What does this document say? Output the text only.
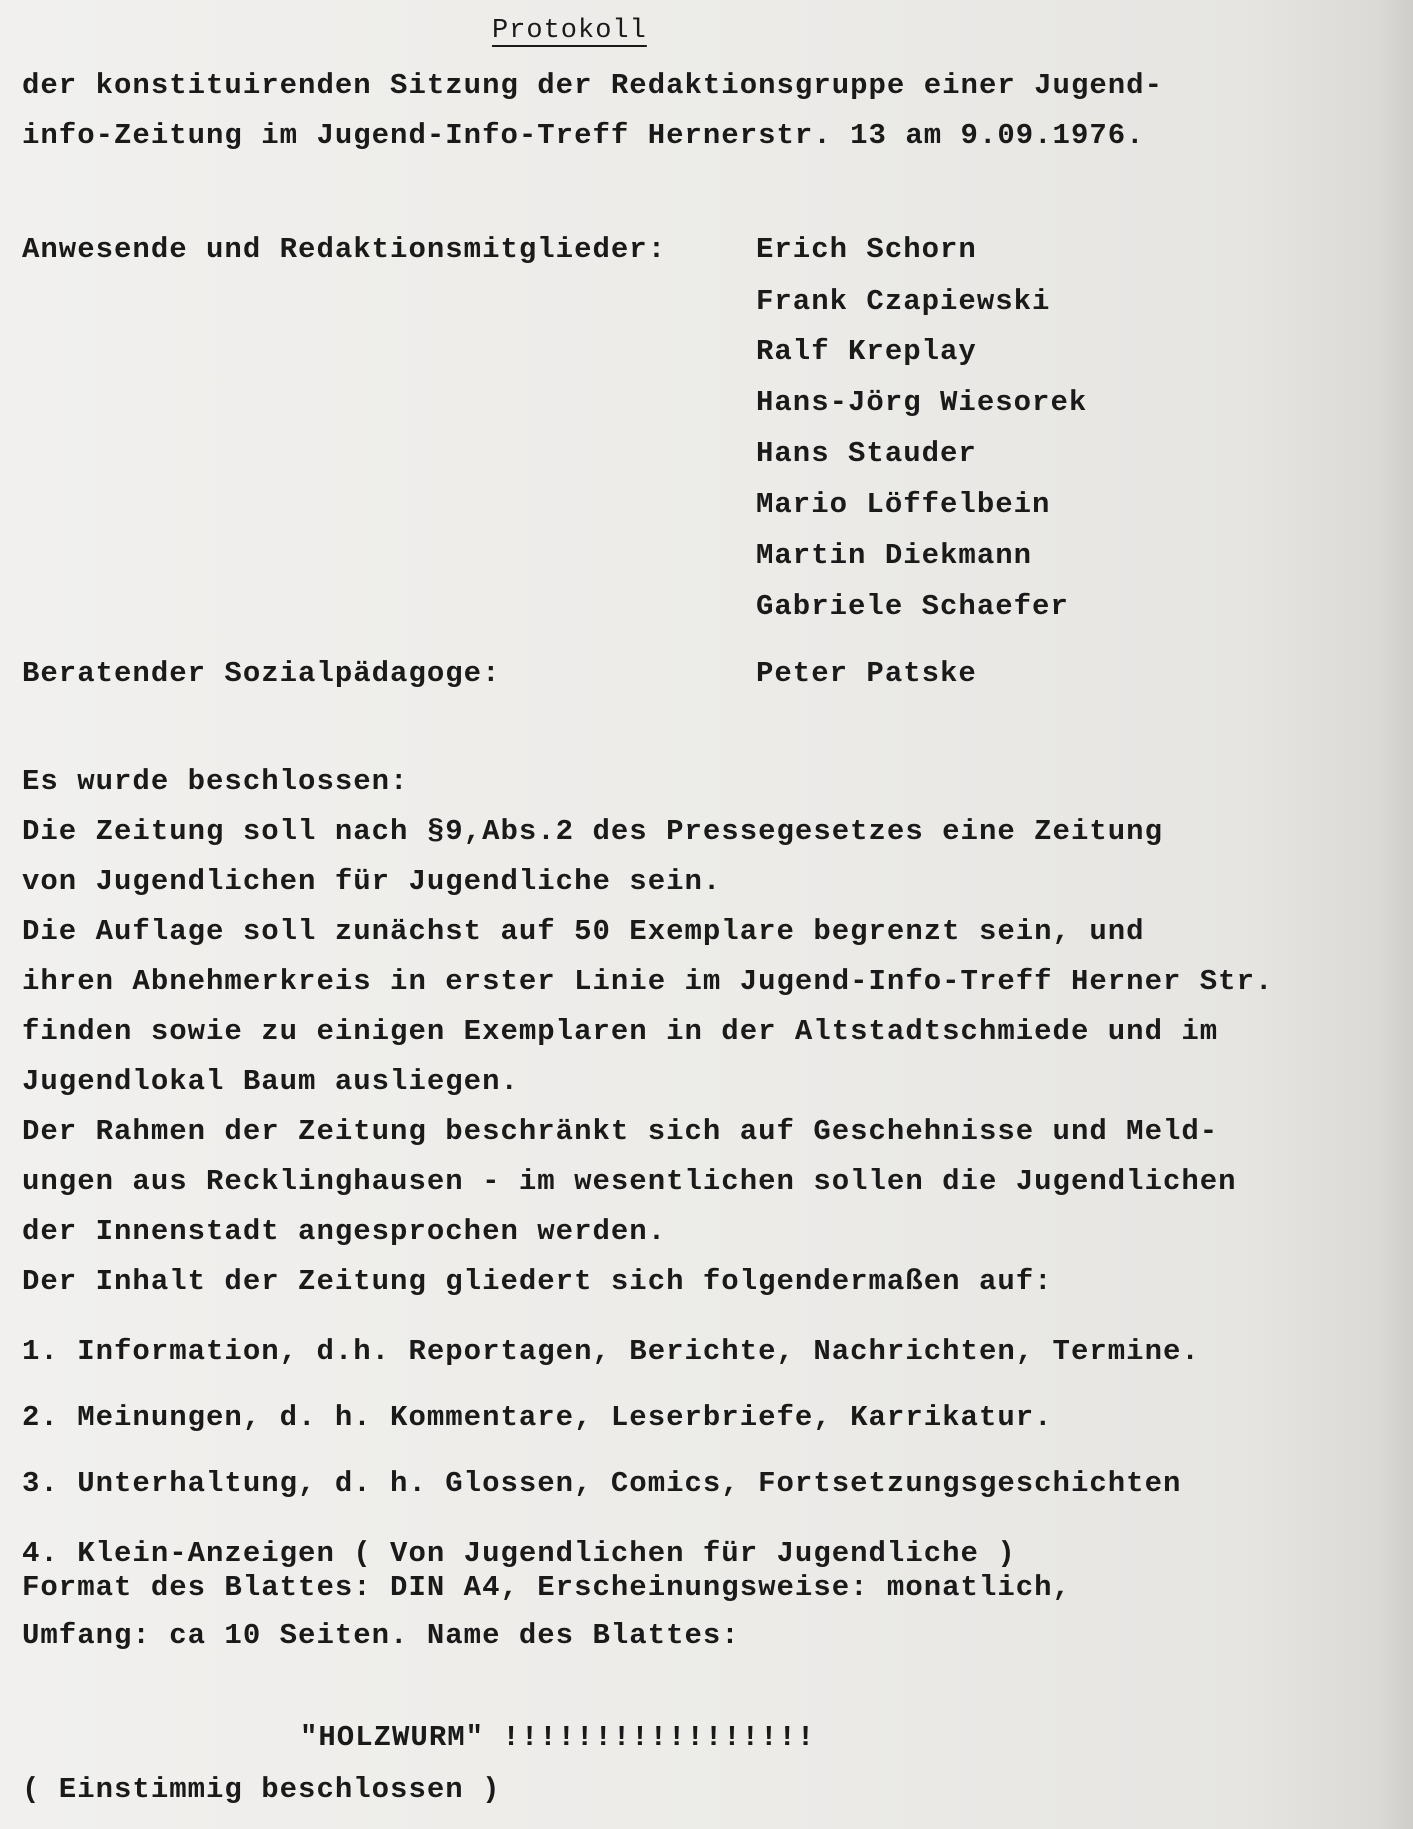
Protokoll
der konstituirenden Sitzung der Redaktionsgruppe einer Jugend-
info-Zeitung im Jugend-Info-Treff Hernerstr. 13 am 9.09.1976.
Anwesende und Redaktionsmitglieder:	Erich Schorn
Frank Czapiewski
Ralf Kreplay
Hans-Jörg Wiesorek
Hans Stauder
Mario Löffelbein
Martin Diekmann
Gabriele Schaefer
Beratender Sozialpädagoge:	Peter Patske
Es wurde beschlossen:
Die Zeitung soll nach §9,Abs.2 des Pressegesetzes eine Zeitung
von Jugendlichen für Jugendliche sein.
Die Auflage soll zunächst auf 50 Exemplare begrenzt sein, und
ihren Abnehmerkreis in erster Linie im Jugend-Info-Treff Herner Str.
finden sowie zu einigen Exemplaren in der Altstadtschmiede und im
Jugendlokal Baum ausliegen.
Der Rahmen der Zeitung beschränkt sich auf Geschehnisse und Meld-
ungen aus Recklinghausen - im wesentlichen sollen die Jugendlichen
der Innenstadt angesprochen werden.
Der Inhalt der Zeitung gliedert sich folgendermaßen auf:
1. Information, d.h. Reportagen, Berichte, Nachrichten, Termine.
2. Meinungen, d. h. Kommentare, Leserbriefe, Karrikatur.
3. Unterhaltung, d. h. Glossen, Comics, Fortsetzungsgeschichten
4. Klein-Anzeigen ( Von Jugendlichen für Jugendliche )
Format des Blattes: DIN A4, Erscheinungsweise: monatlich,
Umfang: ca 10 Seiten. Name des Blattes:
"HOLZWURM" !!!!!!!!!!!!!!!!!
( Einstimmig beschlossen )
